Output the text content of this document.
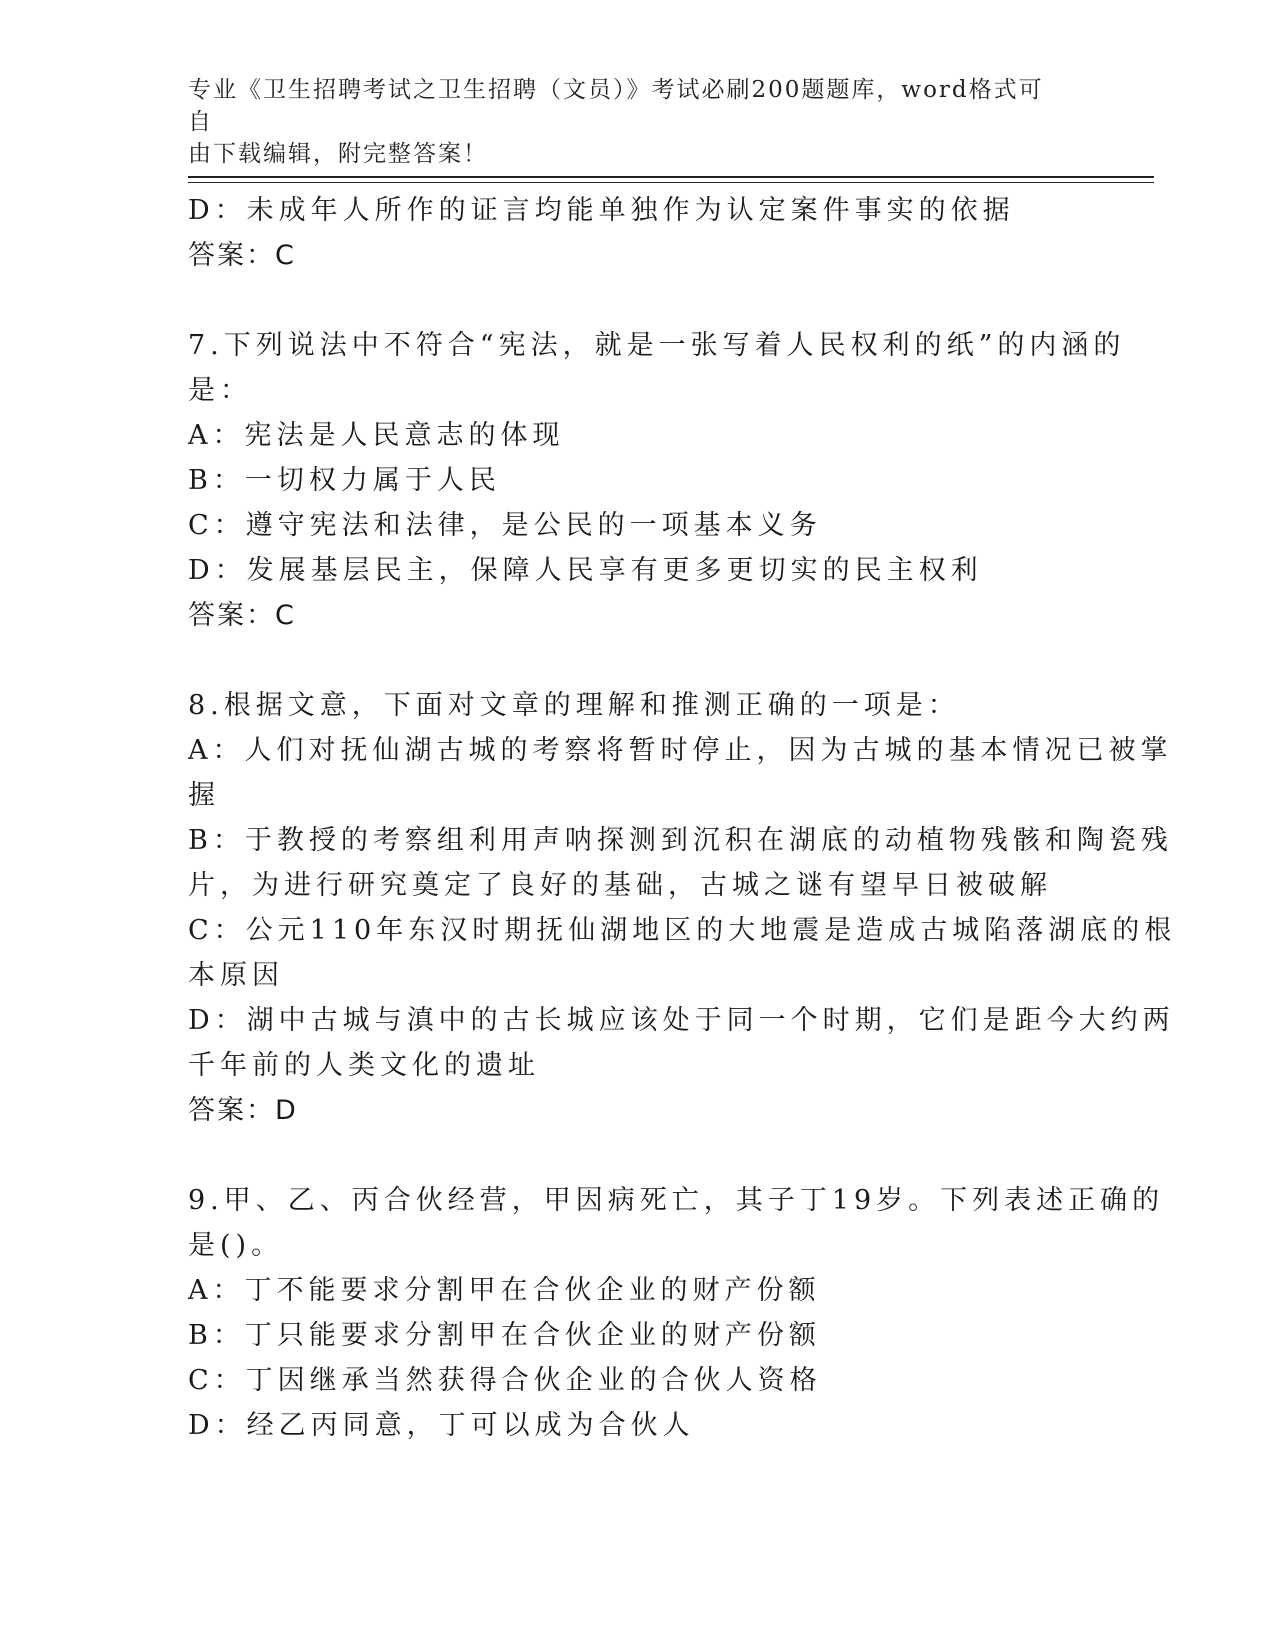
专业《卫生招聘考试之卫生招聘（文员）》考试必刷200题题库，word格式可自
由下载编辑，附完整答案！

D：未成年人所作的证言均能单独作为认定案件事实的依据

答案：C

7.下列说法中不符合“宪法，就是一张写着人民权利的纸”的内涵的

是：

A：宪法是人民意志的体现

B：一切权力属于人民

C：遵守宪法和法律，是公民的一项基本义务

D：发展基层民主，保障人民享有更多更切实的民主权利

答案：C

8.根据文意，下面对文章的理解和推测正确的一项是：

A：人们对抚仙湖古城的考察将暂时停止，因为古城的基本情况已被掌

握

B：于教授的考察组利用声呐探测到沉积在湖底的动植物残骸和陶瓷残

片，为进行研究奠定了良好的基础，古城之谜有望早日被破解

C：公元110年东汉时期抚仙湖地区的大地震是造成古城陷落湖底的根

本原因

D：湖中古城与滇中的古长城应该处于同一个时期，它们是距今大约两

千年前的人类文化的遗址

答案：D

9.甲、乙、丙合伙经营，甲因病死亡，其子丁19岁。下列表述正确的

是()。

A：丁不能要求分割甲在合伙企业的财产份额

B：丁只能要求分割甲在合伙企业的财产份额

C：丁因继承当然获得合伙企业的合伙人资格

D：经乙丙同意，丁可以成为合伙人
